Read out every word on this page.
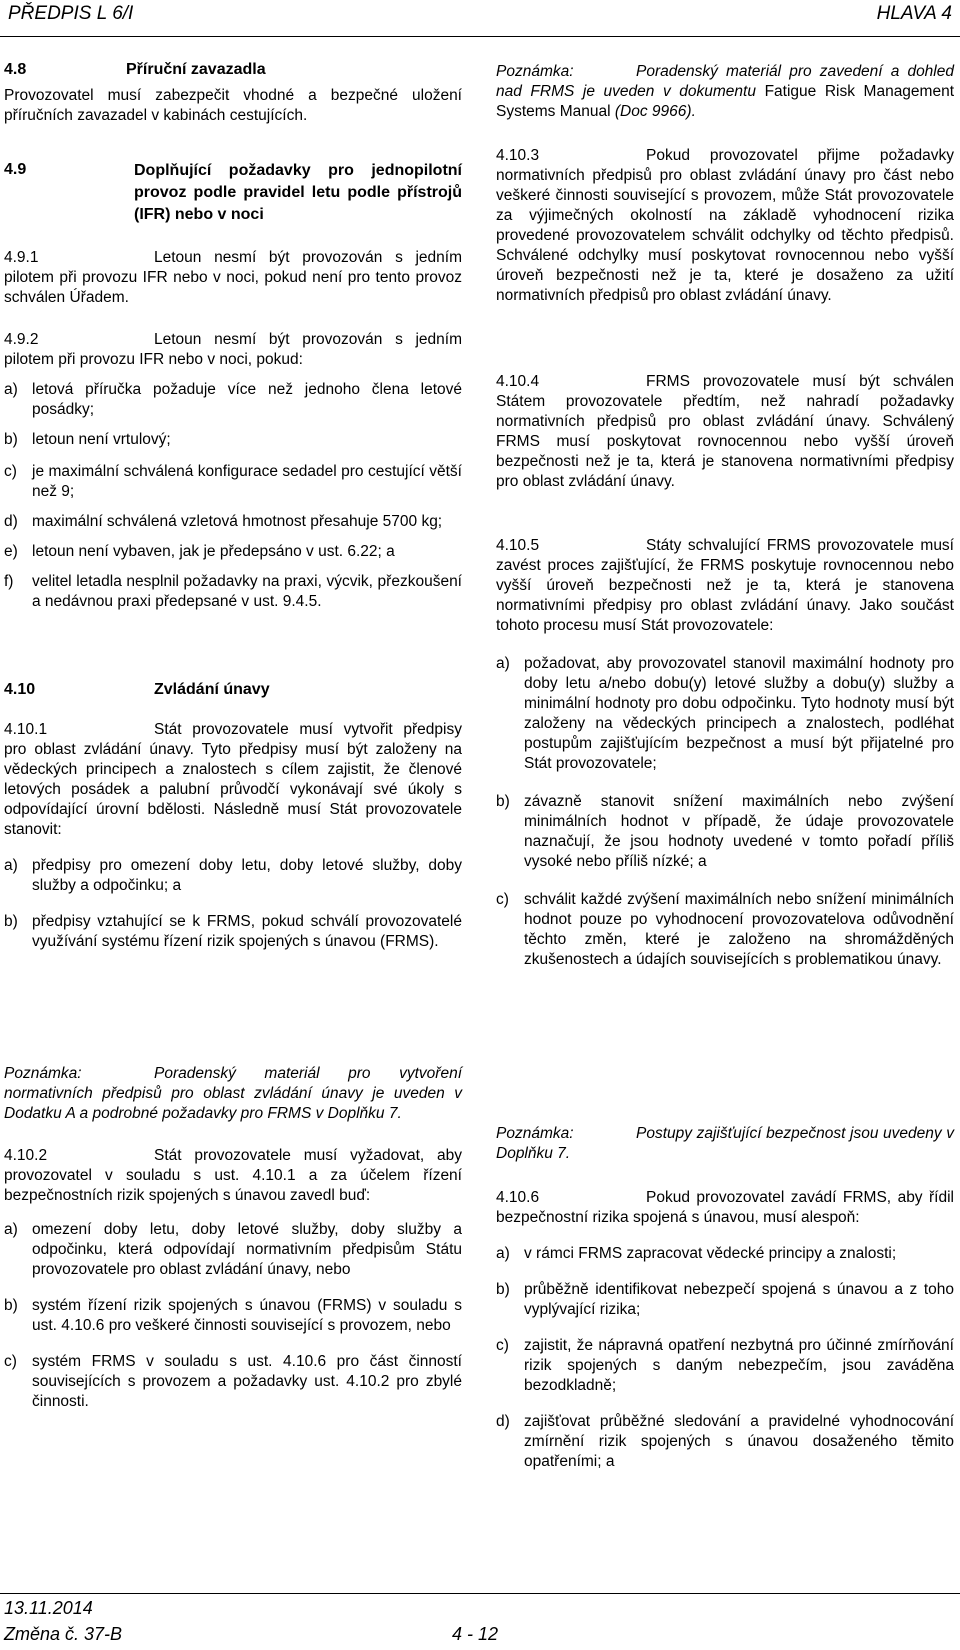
PŘEDPIS L 6/I	HLAVA 4
4.8	Příruční zavazadla

Provozovatel musí zabezpečit vhodné a bezpečné uložení příručních zavazadel v kabinách cestujících.

4.9	Doplňující požadavky pro jednopilotní provoz podle pravidel letu podle přístrojů (IFR) nebo v noci

4.9.1	Letoun nesmí být provozován s jedním pilotem při provozu IFR nebo v noci, pokud není pro tento provoz schválen Úřadem.

4.9.2	Letoun nesmí být provozován s jedním pilotem při provozu IFR nebo v noci, pokud:

a) letová příručka požaduje více než jednoho člena letové posádky;
b) letoun není vrtulový;
c) je maximální schválená konfigurace sedadel pro cestující větší než 9;
d) maximální schválená vzletová hmotnost přesahuje 5700 kg;
e) letoun není vybaven, jak je předepsáno v ust. 6.22; a
f)	velitel letadla nesplnil požadavky na praxi, výcvik, přezkoušení a nedávnou praxi předepsané v ust. 9.4.5.
4.10	Zvládání únavy

4.10.1	Stát provozovatele musí vytvořit předpisy pro oblast zvládání únavy. Tyto předpisy musí být založeny na vědeckých principech a znalostech s cílem zajistit, že členové letových posádek a palubní průvodčí vykonávají své úkoly s odpovídající úrovní bdělosti. Následně musí Stát provozovatele stanovit:

a) předpisy pro omezení doby letu, doby letové služby, doby služby a odpočinku; a
b) předpisy vztahující se k FRMS, pokud schválí provozovatelé využívání systému řízení rizik spojených s únavou (FRMS).

Poznámka:	Poradenský materiál pro vytvoření normativních předpisů pro oblast zvládání únavy je uveden v Dodatku A a podrobné požadavky pro FRMS v Doplňku 7.

4.10.2	Stát provozovatele musí vyžadovat, aby provozovatel v souladu s ust. 4.10.1 a za účelem řízení bezpečnostních rizik spojených s únavou zavedl buď:

a) omezení doby letu, doby letové služby, doby služby a odpočinku, která odpovídají normativním předpisům Státu provozovatele pro oblast zvládání únavy, nebo
b) systém řízení rizik spojených s únavou (FRMS) v souladu s ust. 4.10.6 pro veškeré činnosti související s provozem, nebo
c) systém FRMS v souladu s ust. 4.10.6 pro část činností souvisejících s provozem a požadavky ust. 4.10.2 pro zbylé činnosti.

Poznámka:	Poradenský materiál pro zavedení a dohled nad FRMS je uveden v dokumentu Fatigue Risk Management Systems Manual (Doc 9966).

4.10.3	Pokud provozovatel přijme požadavky normativních předpisů pro oblast zvládání únavy pro část nebo veškeré činnosti související s provozem, může Stát provozovatele za výjimečných okolností na základě vyhodnocení rizika provedené provozovatelem schválit odchylky od těchto předpisů. Schválené odchylky musí poskytovat rovnocennou nebo vyšší úroveň bezpečnosti než je ta, které je dosaženo za užití normativních předpisů pro oblast zvládání únavy.

4.10.4	FRMS provozovatele musí být schválen Státem provozovatele předtím, než nahradí požadavky normativních předpisů pro oblast zvládání únavy. Schválený FRMS musí poskytovat rovnocennou nebo vyšší úroveň bezpečnosti než je ta, která je stanovena normativními předpisy pro oblast zvládání únavy.

4.10.5	Státy schvalující FRMS provozovatele musí zavést proces zajišťující, že FRMS poskytuje rovnocennou nebo vyšší úroveň bezpečnosti než je ta, která je stanovena normativními předpisy pro oblast zvládání únavy. Jako součást tohoto procesu musí Stát provozovatele:

a) požadovat, aby provozovatel stanovil maximální hodnoty pro doby letu a/nebo dobu(y) letové služby a dobu(y) služby a minimální hodnoty pro dobu odpočinku. Tyto hodnoty musí být založeny na vědeckých principech a znalostech, podléhat postupům zajišťujícím bezpečnost a musí být přijatelné pro Stát provozovatele;
b) závazně stanovit snížení maximálních nebo zvýšení minimálních hodnot v případě, že údaje provozovatele naznačují, že jsou hodnoty uvedené v tomto pořadí příliš vysoké nebo příliš nízké; a
c) schválit každé zvýšení maximálních nebo snížení minimálních hodnot pouze po vyhodnocení provozovatelova odůvodnění těchto změn, které je založeno na shromážděných zkušenostech a údajích souvisejících s problematikou únavy.

Poznámka:	Postupy zajišťující bezpečnost jsou uvedeny v Doplňku 7.

4.10.6	Pokud provozovatel zavádí FRMS, aby řídil bezpečnostní rizika spojená s únavou, musí alespoň:

a) v rámci FRMS zapracovat vědecké principy a znalosti;
b) průběžně identifikovat nebezpečí spojená s únavou a z toho vyplývající rizika;
c) zajistit, že nápravná opatření nezbytná pro účinné zmírňování rizik spojených s daným nebezpečím, jsou zaváděna bezodkladně;
d) zajišťovat průběžné sledování a pravidelné vyhodnocování zmírnění rizik spojených s únavou dosaženého těmito opatřeními; a
13.11.2014
Změna č. 37-B	4 - 12
